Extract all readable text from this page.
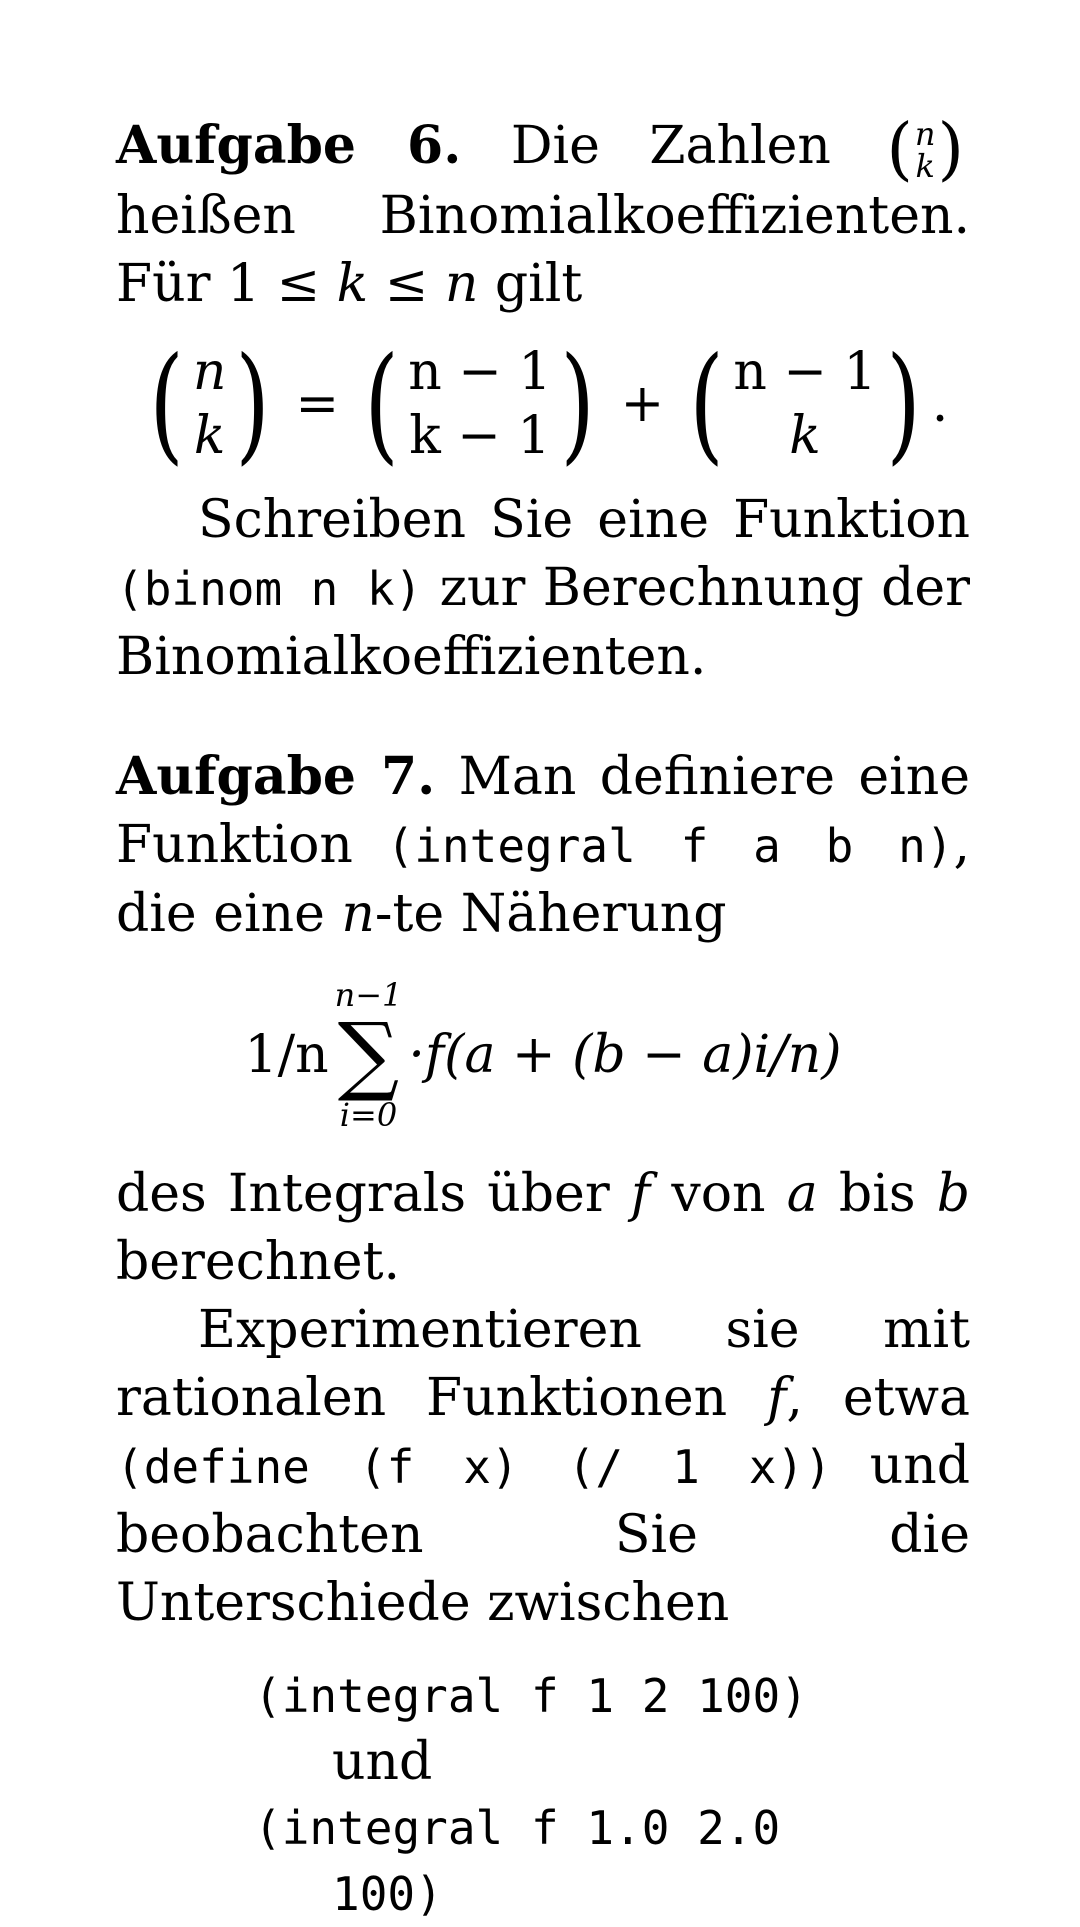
Aufgabe 6. Die Zahlen ( n
k )
heißen Binomialkoeffizienten. Für 1 ≤ k ≤ n gilt

( n
k ) = ( n − 1
k − 1 ) + ( n − 1
k ) .

Schreiben Sie eine Funktion (binom n k) zur Berechnung der Binomialkoeffizienten.

Aufgabe 7. Man definiere eine Funktion (integral f a b n), die eine n-te Näherung

1/n
n−1
∑
i=0
·f(a + (b − a)i/n)

des Integrals über f von a bis b berechnet.

Experimentieren sie mit rationalen Funktionen f, etwa (define (f x) (/ 1 x)) und beobachten Sie die Unterschiede zwischen

(integral f 1 2 100)
und
(integral f 1.0 2.0
100)
